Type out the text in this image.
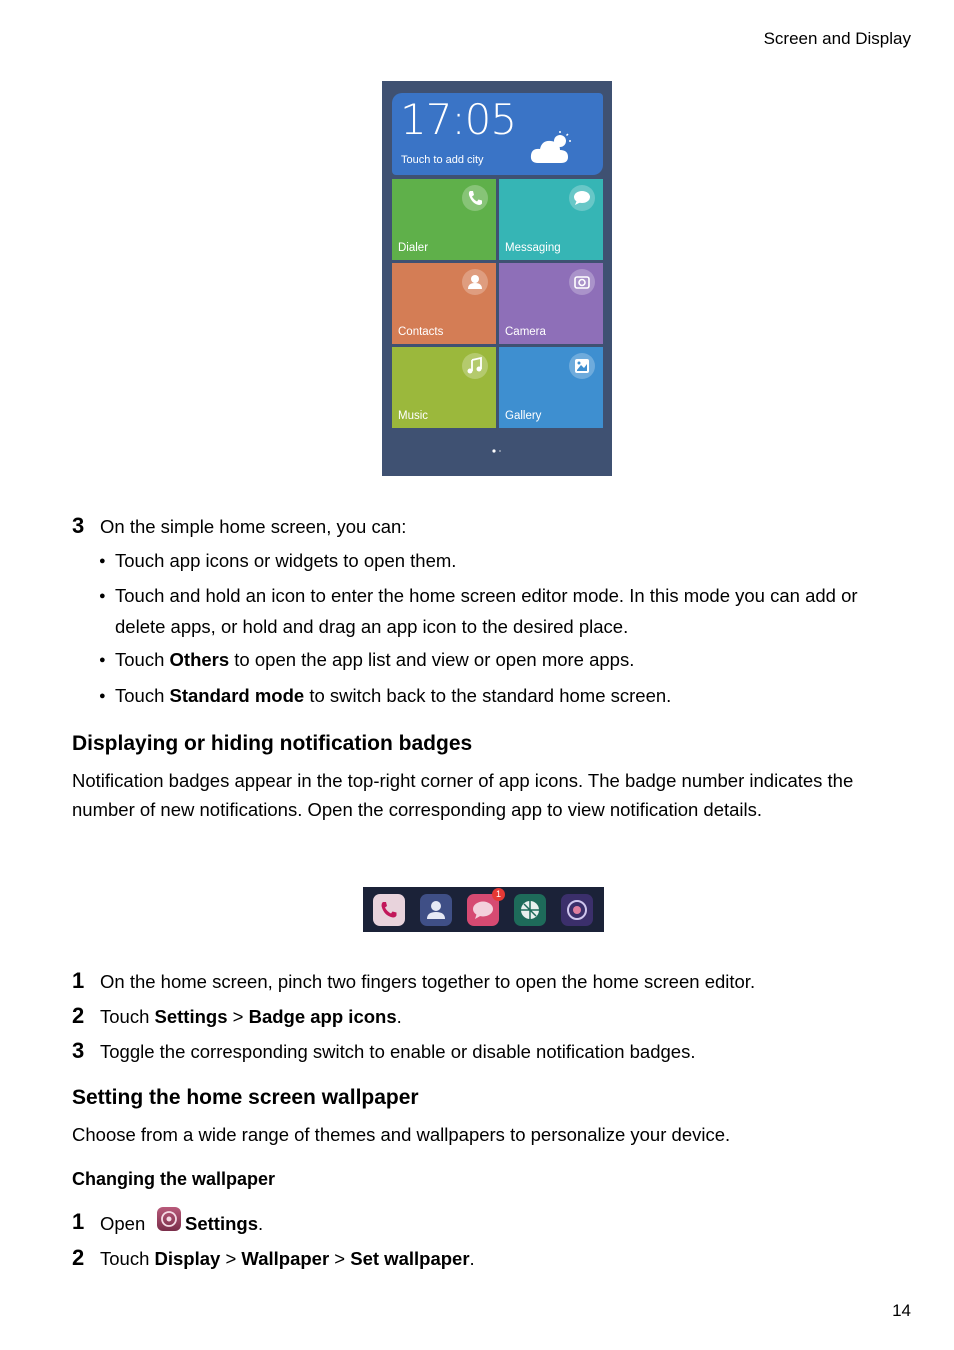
Screen and Display
17:05
Touch to add city
Dialer	Messaging
Contacts	Camera
Music	Gallery
3 On the simple home screen, you can:
● Touch app icons or widgets to open them.
● Touch and hold an icon to enter the home screen editor mode. In this mode you can add or
delete apps, or hold and drag an app icon to the desired place.
● Touch Others to open the app list and view or open more apps.
● Touch Standard mode to switch back to the standard home screen.
Displaying or hiding notification badges
Notification badges appear in the top-right corner of app icons. The badge number indicates the
number of new notifications. Open the corresponding app to view notification details.
1
1 On the home screen, pinch two fingers together to open the home screen editor.
2 Touch Settings > Badge app icons.
3 Toggle the corresponding switch to enable or disable notification badges.
Setting the home screen wallpaper
Choose from a wide range of themes and wallpapers to personalize your device.
Changing the wallpaper
1 Open Settings.
2 Touch Display > Wallpaper > Set wallpaper.
14
